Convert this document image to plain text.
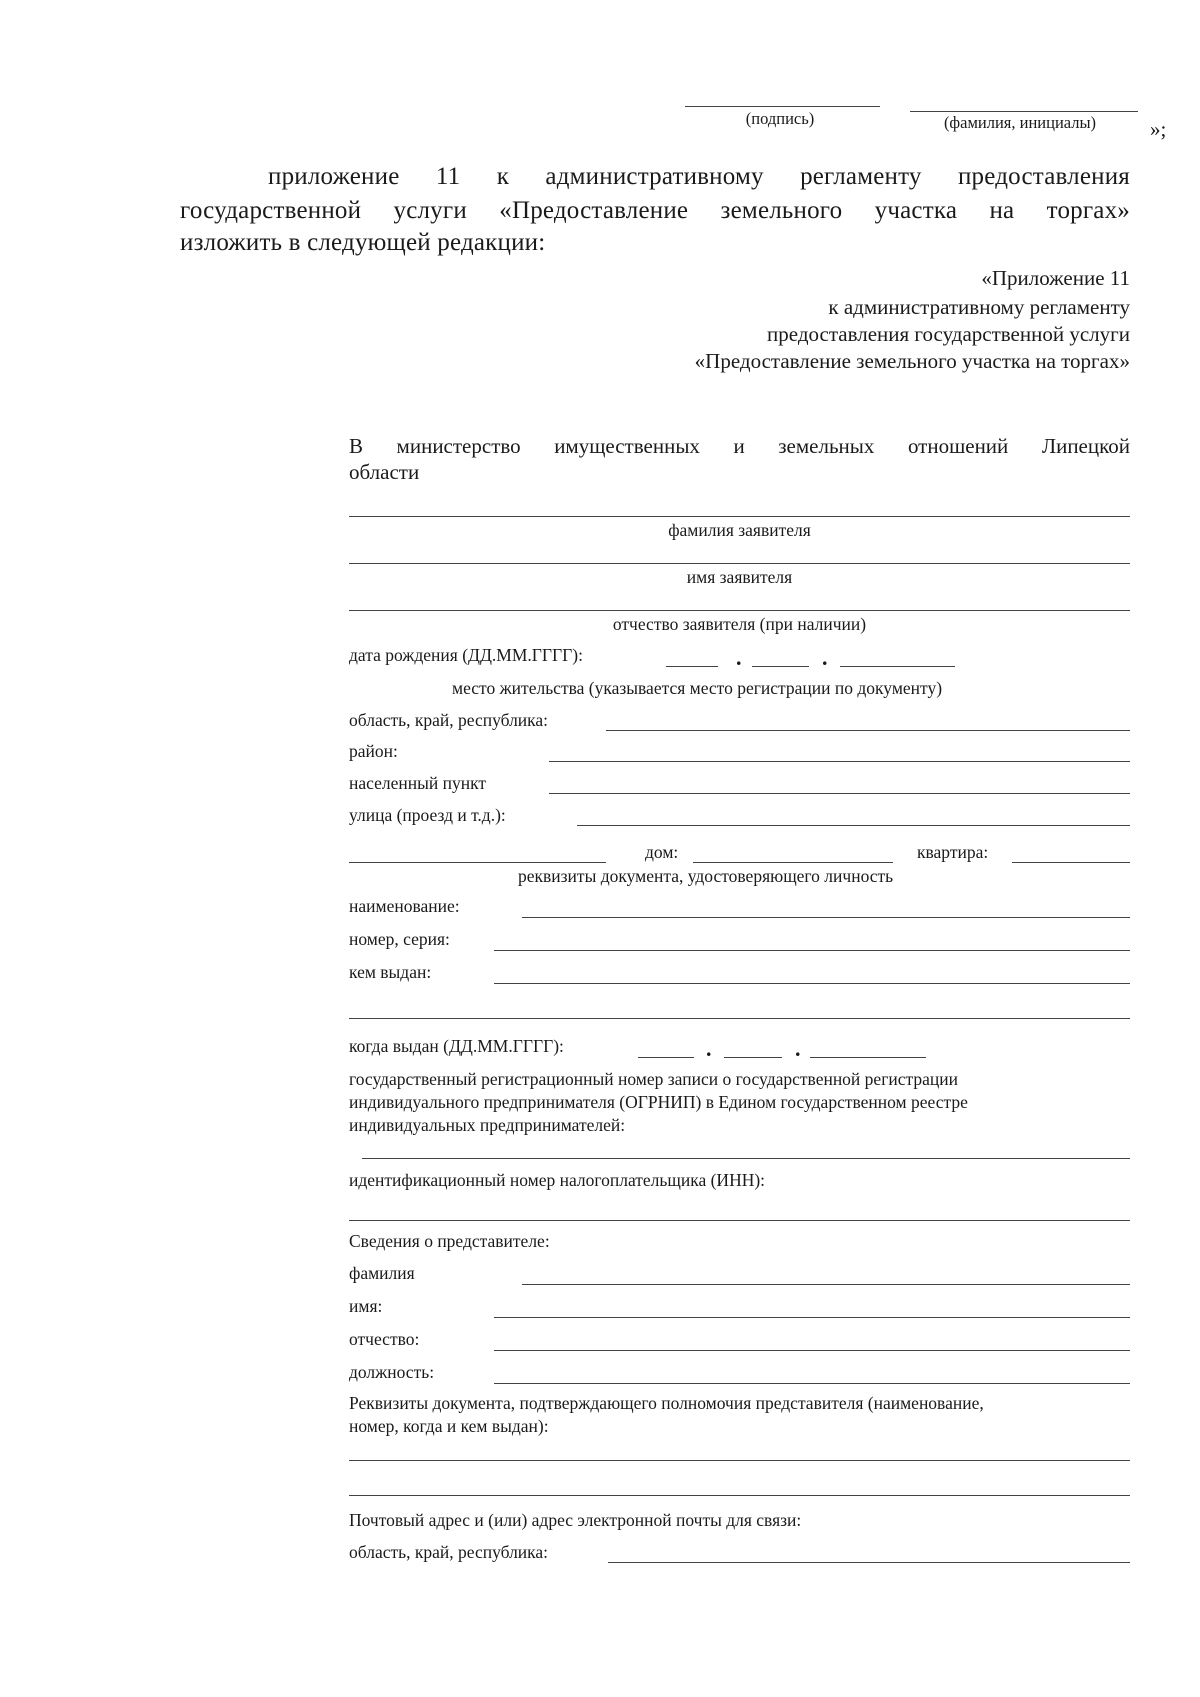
(подпись)	(фамилия, инициалы)	»;
приложение 11 к административному регламенту предоставления
государственной услуги «Предоставление земельного участка на торгах»
изложить в следующей редакции:
«Приложение 11
к административному регламенту
предоставления государственной услуги
«Предоставление земельного участка на торгах»
В министерство имущественных и земельных отношений Липецкой
области
фамилия заявителя
имя заявителя
отчество заявителя (при наличии)
дата рождения (ДД.ММ.ГГГГ):	.	.
место жительства (указывается место регистрации по документу)
область, край, республика:
район:
населенный пункт
улица (проезд и т.д.):
дом:	квартира:
реквизиты документа, удостоверяющего личность
наименование:
номер, серия:
кем выдан:
когда выдан (ДД.ММ.ГГГГ):	.	.
государственный регистрационный номер записи о государственной регистрации
индивидуального предпринимателя (ОГРНИП) в Едином государственном реестре
индивидуальных предпринимателей:
идентификационный номер налогоплательщика (ИНН):
Сведения о представителе:
фамилия
имя:
отчество:
должность:
Реквизиты документа, подтверждающего полномочия представителя (наименование,
номер, когда и кем выдан):
Почтовый адрес и (или) адрес электронной почты для связи:
область, край, республика:
